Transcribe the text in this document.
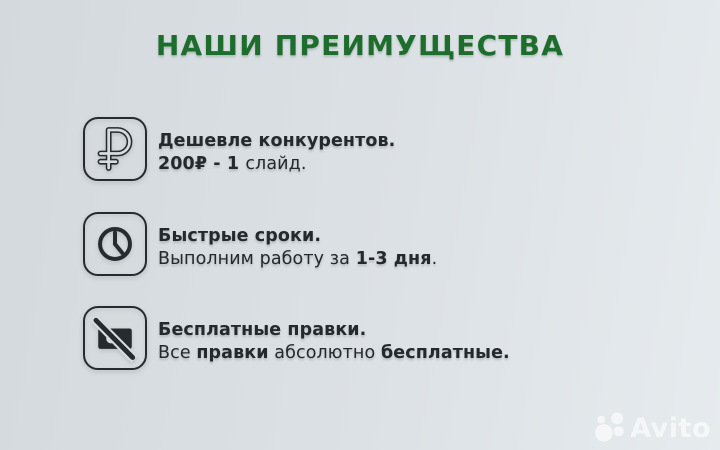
НАШИ ПРЕИМУЩЕСТВА
Дешевле конкурентов.
200₽ - 1 слайд.
Быстрые сроки.
Выполним работу за 1-3 дня.
Бесплатные правки.
Все правки абсолютно бесплатные.
Avito
